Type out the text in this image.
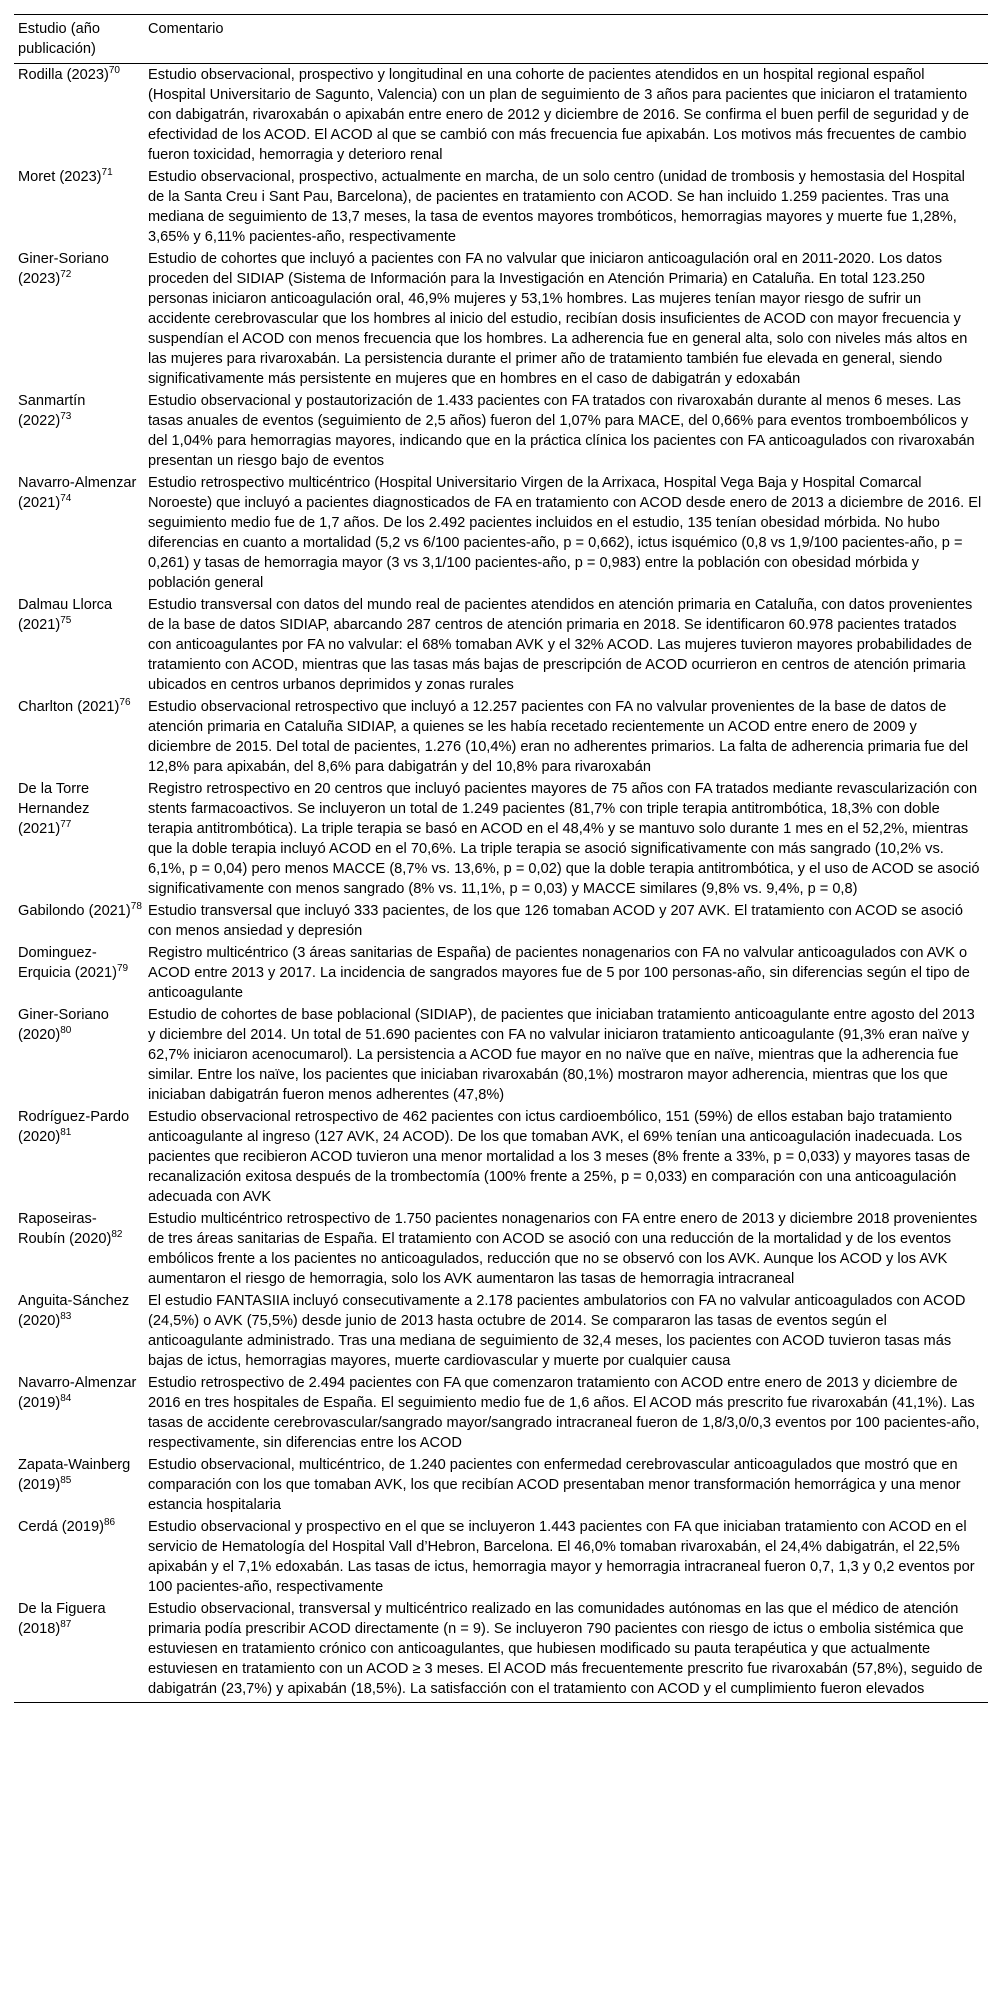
Estudio (año publicación)	Comentario
Rodilla $(2023)^{70}$	Estudio observacional, prospectivo y longitudinal en una cohorte de pacientes atendidos en un hospital regional español (Hospital Universitario de Sagunto, Valencia) con un plan de seguimiento de 3 años para pacientes que iniciaron el tratamiento con dabigatrán, rivaroxabán o apixabán entre enero de 2012 y diciembre de 2016. Se confirma el buen perfil de seguridad y de efectividad de los ACOD. El ACOD al que se cambió con más frecuencia fue apixabán. Los motivos más frecuentes de cambio fueron toxicidad, hemorragia y deterioro renal
Moret $(2023)^{71}$	Estudio observacional, prospectivo, actualmente en marcha, de un solo centro (unidad de trombosis y hemostasia del Hospital de la Santa Creu i Sant Pau, Barcelona), de pacientes en tratamiento con ACOD. Se han incluido 1.259 pacientes. Tras una mediana de seguimiento de 13,7 meses, la tasa de eventos mayores trombóticos, hemorragias mayores y muerte fue 1,28%, 3,65% y 6,11% pacientes-año, respectivamente
Giner-Soriano $(2023)^{72}$	Estudio de cohortes que incluyó a pacientes con FA no valvular que iniciaron anticoagulación oral en 2011-2020. Los datos proceden del SIDIAP (Sistema de Información para la Investigación en Atención Primaria) en Cataluña. En total 123.250 personas iniciaron anticoagulación oral, 46,9% mujeres y 53,1% hombres. Las mujeres tenían mayor riesgo de sufrir un accidente cerebrovascular que los hombres al inicio del estudio, recibían dosis insuficientes de ACOD con mayor frecuencia y suspendían el ACOD con menos frecuencia que los hombres. La adherencia fue en general alta, solo con niveles más altos en las mujeres para rivaroxabán. La persistencia durante el primer año de tratamiento también fue elevada en general, siendo significativamente más persistente en mujeres que en hombres en el caso de dabigatrán y edoxabán
Sanmartín $(2022)^{73}$	Estudio observacional y postautorización de 1.433 pacientes con FA tratados con rivaroxabán durante al menos 6 meses. Las tasas anuales de eventos (seguimiento de 2,5 años) fueron del 1,07% para MACE, del 0,66% para eventos tromboembólicos y del 1,04% para hemorragias mayores, indicando que en la práctica clínica los pacientes con FA anticoagulados con rivaroxabán presentan un riesgo bajo de eventos
Navarro-Almenzar $(2021)^{74}$	Estudio retrospectivo multicéntrico (Hospital Universitario Virgen de la Arrixaca, Hospital Vega Baja y Hospital Comarcal Noroeste) que incluyó a pacientes diagnosticados de FA en tratamiento con ACOD desde enero de 2013 a diciembre de 2016. El seguimiento medio fue de 1,7 años. De los 2.492 pacientes incluidos en el estudio, 135 tenían obesidad mórbida. No hubo diferencias en cuanto a mortalidad (5,2 vs 6/100 pacientes-año, p = 0,662), ictus isquémico (0,8 vs 1,9/100 pacientes-año, p = 0,261) y tasas de hemorragia mayor (3 vs 3,1/100 pacientes-año, p = 0,983) entre la población con obesidad mórbida y población general
Dalmau Llorca $(2021)^{75}$	Estudio transversal con datos del mundo real de pacientes atendidos en atención primaria en Cataluña, con datos provenientes de la base de datos SIDIAP, abarcando 287 centros de atención primaria en 2018. Se identificaron 60.978 pacientes tratados con anticoagulantes por FA no valvular: el 68% tomaban AVK y el 32% ACOD. Las mujeres tuvieron mayores probabilidades de tratamiento con ACOD, mientras que las tasas más bajas de prescripción de ACOD ocurrieron en centros de atención primaria ubicados en centros urbanos deprimidos y zonas rurales
Charlton $(2021)^{76}$	Estudio observacional retrospectivo que incluyó a 12.257 pacientes con FA no valvular provenientes de la base de datos de atención primaria en Cataluña SIDIAP, a quienes se les había recetado recientemente un ACOD entre enero de 2009 y diciembre de 2015. Del total de pacientes, 1.276 (10,4%) eran no adherentes primarios. La falta de adherencia primaria fue del 12,8% para apixabán, del 8,6% para dabigatrán y del 10,8% para rivaroxabán
De la Torre Hernandez $(2021)^{77}$	Registro retrospectivo en 20 centros que incluyó pacientes mayores de 75 años con FA tratados mediante revascularización con stents farmacoactivos. Se incluyeron un total de 1.249 pacientes (81,7% con triple terapia antitrombótica, 18,3% con doble terapia antitrombótica). La triple terapia se basó en ACOD en el 48,4% y se mantuvo solo durante 1 mes en el 52,2%, mientras que la doble terapia incluyó ACOD en el 70,6%. La triple terapia se asoció significativamente con más sangrado (10,2% vs. 6,1%, p = 0,04) pero menos MACCE (8,7% vs. 13,6%, p = 0,02) que la doble terapia antitrombótica, y el uso de ACOD se asoció significativamente con menos sangrado (8% vs. 11,1%, p = 0,03) y MACCE similares (9,8% vs. 9,4%, p = 0,8)
Gabilondo $(2021)^{78}$	Estudio transversal que incluyó 333 pacientes, de los que 126 tomaban ACOD y 207 AVK. El tratamiento con ACOD se asoció con menos ansiedad y depresión
Dominguez-Erquicia $(2021)^{79}$	Registro multicéntrico (3 áreas sanitarias de España) de pacientes nonagenarios con FA no valvular anticoagulados con AVK o ACOD entre 2013 y 2017. La incidencia de sangrados mayores fue de 5 por 100 personas-año, sin diferencias según el tipo de anticoagulante
Giner-Soriano $(2020)^{80}$	Estudio de cohortes de base poblacional (SIDIAP), de pacientes que iniciaban tratamiento anticoagulante entre agosto del 2013 y diciembre del 2014. Un total de 51.690 pacientes con FA no valvular iniciaron tratamiento anticoagulante (91,3% eran naïve y 62,7% iniciaron acenocumarol). La persistencia a ACOD fue mayor en no naïve que en naïve, mientras que la adherencia fue similar. Entre los naïve, los pacientes que iniciaban rivaroxabán (80,1%) mostraron mayor adherencia, mientras que los que iniciaban dabigatrán fueron menos adherentes (47,8%)
Rodríguez-Pardo $(2020)^{81}$	Estudio observacional retrospectivo de 462 pacientes con ictus cardioembólico, 151 (59%) de ellos estaban bajo tratamiento anticoagulante al ingreso (127 AVK, 24 ACOD). De los que tomaban AVK, el 69% tenían una anticoagulación inadecuada. Los pacientes que recibieron ACOD tuvieron una menor mortalidad a los 3 meses (8% frente a 33%, p = 0,033) y mayores tasas de recanalización exitosa después de la trombectomía (100% frente a 25%, p = 0,033) en comparación con una anticoagulación adecuada con AVK
Raposeiras-Roubín $(2020)^{82}$	Estudio multicéntrico retrospectivo de 1.750 pacientes nonagenarios con FA entre enero de 2013 y diciembre 2018 provenientes de tres áreas sanitarias de España. El tratamiento con ACOD se asoció con una reducción de la mortalidad y de los eventos embólicos frente a los pacientes no anticoagulados, reducción que no se observó con los AVK. Aunque los ACOD y los AVK aumentaron el riesgo de hemorragia, solo los AVK aumentaron las tasas de hemorragia intracraneal
Anguita-Sánchez $(2020)^{83}$	El estudio FANTASIIA incluyó consecutivamente a 2.178 pacientes ambulatorios con FA no valvular anticoagulados con ACOD (24,5%) o AVK (75,5%) desde junio de 2013 hasta octubre de 2014. Se compararon las tasas de eventos según el anticoagulante administrado. Tras una mediana de seguimiento de 32,4 meses, los pacientes con ACOD tuvieron tasas más bajas de ictus, hemorragias mayores, muerte cardiovascular y muerte por cualquier causa
Navarro-Almenzar $(2019)^{84}$	Estudio retrospectivo de 2.494 pacientes con FA que comenzaron tratamiento con ACOD entre enero de 2013 y diciembre de 2016 en tres hospitales de España. El seguimiento medio fue de 1,6 años. El ACOD más prescrito fue rivaroxabán (41,1%). Las tasas de accidente cerebrovascular/sangrado mayor/sangrado intracraneal fueron de 1,8/3,0/0,3 eventos por 100 pacientes-año, respectivamente, sin diferencias entre los ACOD
Zapata-Wainberg $(2019)^{85}$	Estudio observacional, multicéntrico, de 1.240 pacientes con enfermedad cerebrovascular anticoagulados que mostró que en comparación con los que tomaban AVK, los que recibían ACOD presentaban menor transformación hemorrágica y una menor estancia hospitalaria
Cerdá $(2019)^{86}$	Estudio observacional y prospectivo en el que se incluyeron 1.443 pacientes con FA que iniciaban tratamiento con ACOD en el servicio de Hematología del Hospital Vall d’Hebron, Barcelona. El 46,0% tomaban rivaroxabán, el 24,4% dabigatrán, el 22,5% apixabán y el 7,1% edoxabán. Las tasas de ictus, hemorragia mayor y hemorragia intracraneal fueron 0,7, 1,3 y 0,2 eventos por 100 pacientes-año, respectivamente
De la Figuera $(2018)^{87}$	Estudio observacional, transversal y multicéntrico realizado en las comunidades autónomas en las que el médico de atención primaria podía prescribir ACOD directamente (n = 9). Se incluyeron 790 pacientes con riesgo de ictus o embolia sistémica que estuviesen en tratamiento crónico con anticoagulantes, que hubiesen modificado su pauta terapéutica y que actualmente estuviesen en tratamiento con un ACOD ≥ 3 meses. El ACOD más frecuentemente prescrito fue rivaroxabán (57,8%), seguido de dabigatrán (23,7%) y apixabán (18,5%). La satisfacción con el tratamiento con ACOD y el cumplimiento fueron elevados
